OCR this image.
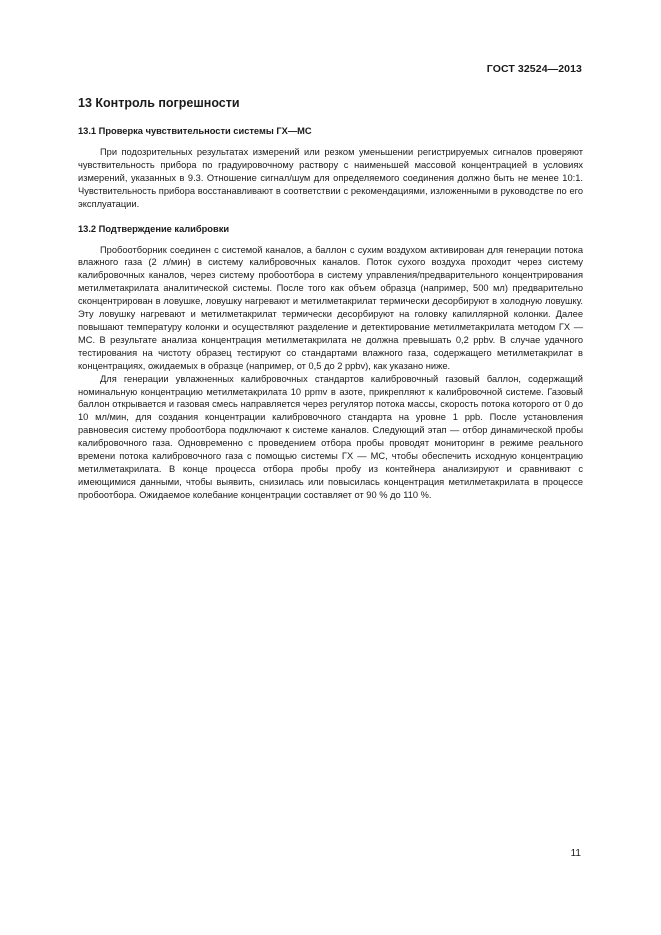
ГОСТ 32524—2013
13 Контроль погрешности
13.1 Проверка чувствительности системы ГХ—МС

При подозрительных результатах измерений или резком уменьшении регистрируемых сигналов проверяют чувствительность прибора по градуировочному раствору с наименьшей массовой концентрацией в условиях измерений, указанных в 9.3. Отношение сигнал/шум для определяемого соединения должно быть не менее 10:1. Чувствительность прибора восстанавливают в соответствии с рекомендациями, изложенными в руководстве по его эксплуатации.

13.2 Подтверждение калибровки

Пробоотборник соединен с системой каналов, а баллон с сухим воздухом активирован для генерации потока влажного газа (2 л/мин) в систему калибровочных каналов. Поток сухого воздуха проходит через систему калибровочных каналов, через систему пробоотбора в систему управления/предварительного концентрирования метилметакрилата аналитической системы. После того как объем образца (например, 500 мл) предварительно сконцентрирован в ловушке, ловушку нагревают и метилметакрилат термически десорбируют в холодную ловушку. Эту ловушку нагревают и метилметакрилат термически десорбируют на головку капиллярной колонки. Далее повышают температуру колонки и осуществляют разделение и детектирование метилметакрилата методом ГХ — МС. В результате анализа концентрация метилметакрилата не должна превышать 0,2 ppbv. В случае удачного тестирования на чистоту образец тестируют со стандартами влажного газа, содержащего метилметакрилат в концентрациях, ожидаемых в образце (например, от 0,5 до 2 ppbv), как указано ниже.

Для генерации увлажненных калибровочных стандартов калибровочный газовый баллон, содержащий номинальную концентрацию метилметакрилата 10 ppmv в азоте, прикрепляют к калибровочной системе. Газовый баллон открывается и газовая смесь направляется через регулятор потока массы, скорость потока которого от 0 до 10 мл/мин, для создания концентрации калибровочного стандарта на уровне 1 ppb. После установления равновесия систему пробоотбора подключают к системе каналов. Следующий этап — отбор динамической пробы калибровочного газа. Одновременно с проведением отбора пробы проводят мониторинг в режиме реального времени потока калибровочного газа с помощью системы ГХ — МС, чтобы обеспечить исходную концентрацию метилметакрилата. В конце процесса отбора пробы пробу из контейнера анализируют и сравнивают с имеющимися данными, чтобы выявить, снизилась или повысилась концентрация метилметакрилата в процессе пробоотбора. Ожидаемое колебание концентрации составляет от 90 % до 110 %.

11
